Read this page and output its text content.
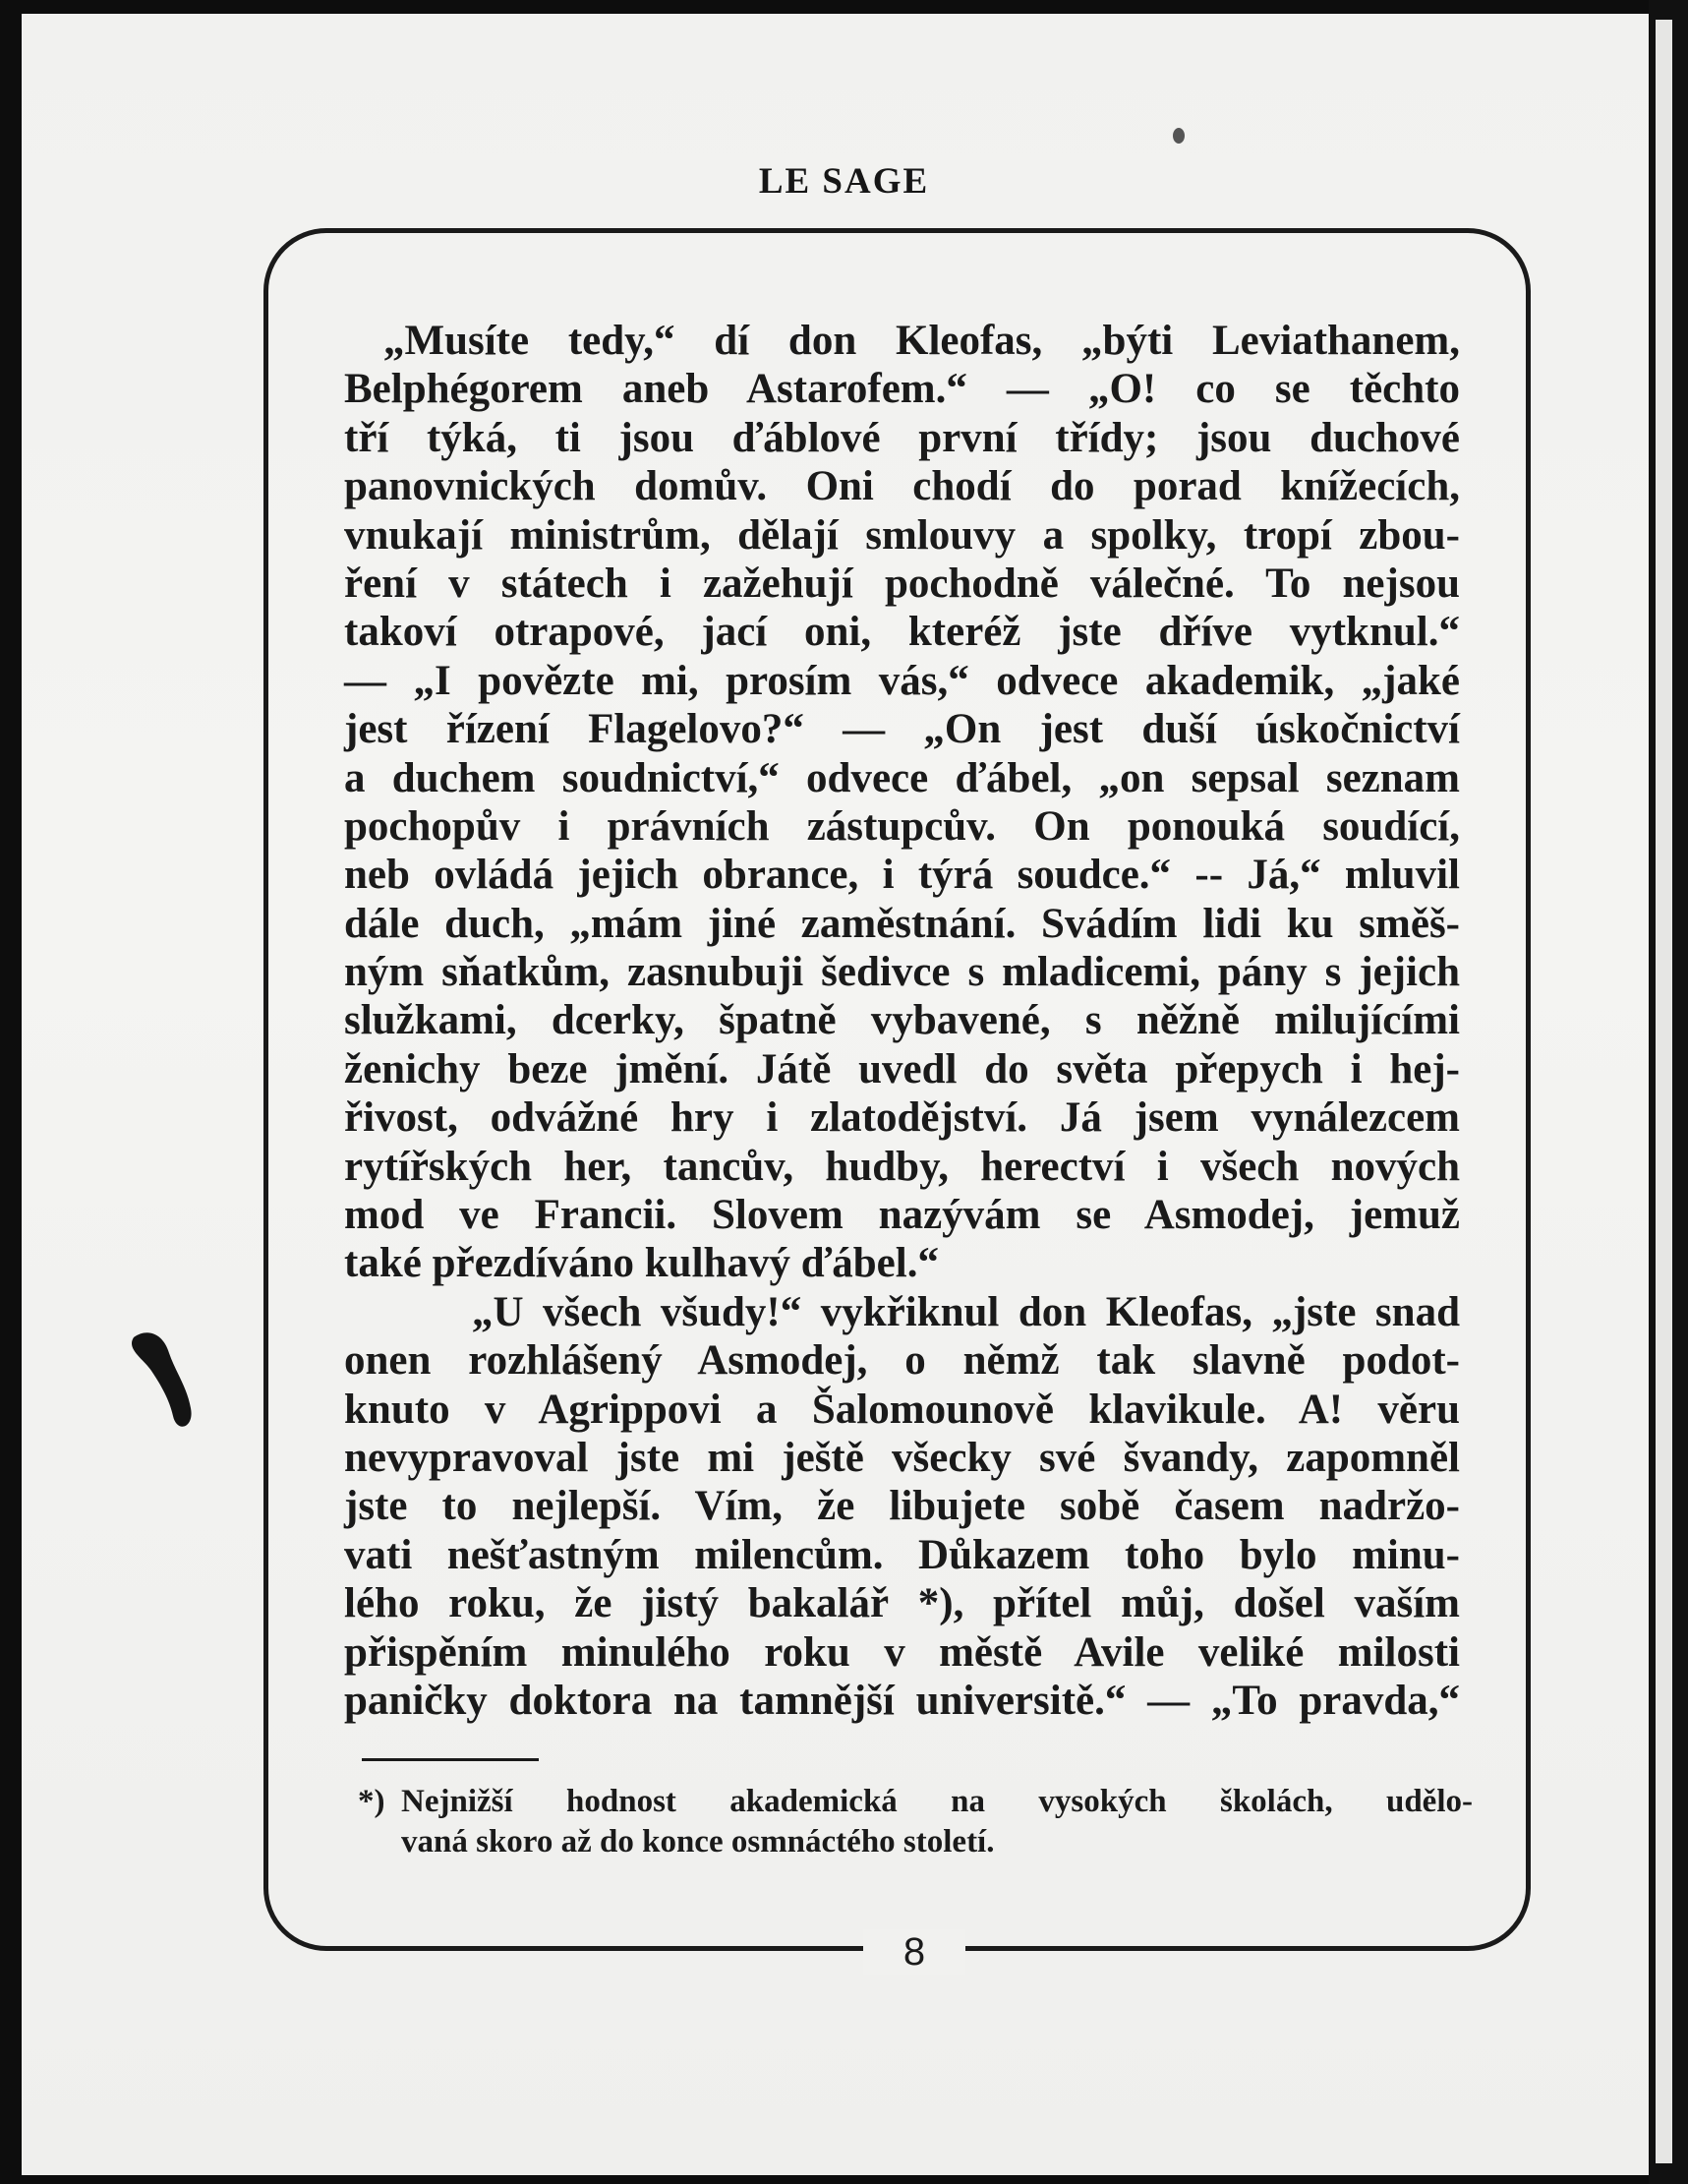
LE SAGE
8
„Musíte tedy,“ dí don Kleofas, „býti Leviathanem,
Belphégorem aneb Astarofem.“ — „O! co se těchto
tří týká, ti jsou ďáblové první třídy; jsou duchové
panovnických domův. Oni chodí do porad knížecích,
vnukají ministrům, dělají smlouvy a spolky, tropí zbou-
ření v státech i zažehují pochodně válečné. To nejsou
takoví otrapové, jací oni, kteréž jste dříve vytknul.“
— „I povězte mi, prosím vás,“ odvece akademik, „jaké
jest řízení Flagelovo?“ — „On jest duší úskočnictví
a duchem soudnictví,“ odvece ďábel, „on sepsal seznam
pochopův i právních zástupcův. On ponouká soudící,
neb ovládá jejich obrance, i týrá soudce.“ -- Já,“ mluvil
dále duch, „mám jiné zaměstnání. Svádím lidi ku směš-
ným sňatkům, zasnubuji šedivce s mladicemi, pány s jejich
služkami, dcerky, špatně vybavené, s něžně milujícími
ženichy beze jmění. Játě uvedl do světa přepych i hej-
řivost, odvážné hry i zlatodějství. Já jsem vynálezcem
rytířských her, tancův, hudby, herectví i všech nových
mod ve Francii. Slovem nazývám se Asmodej, jemuž
také přezdíváno kulhavý ďábel.“
„U všech všudy!“ vykřiknul don Kleofas, „jste snad
onen rozhlášený Asmodej, o němž tak slavně podot-
knuto v Agrippovi a Šalomounově klavikule. A! věru
nevypravoval jste mi ještě všecky své švandy, zapomněl
jste to nejlepší. Vím, že libujete sobě časem nadržo-
vati nešťastným milencům. Důkazem toho bylo minu-
lého roku, že jistý bakalář *), přítel můj, došel vaším
přispěním minulého roku v městě Avile veliké milosti
paničky doktora na tamnější universitě.“ — „To pravda,“
*) Nejnižší hodnost akademická na vysokých školách, udělo-
vaná skoro až do konce osmnáctého století.
